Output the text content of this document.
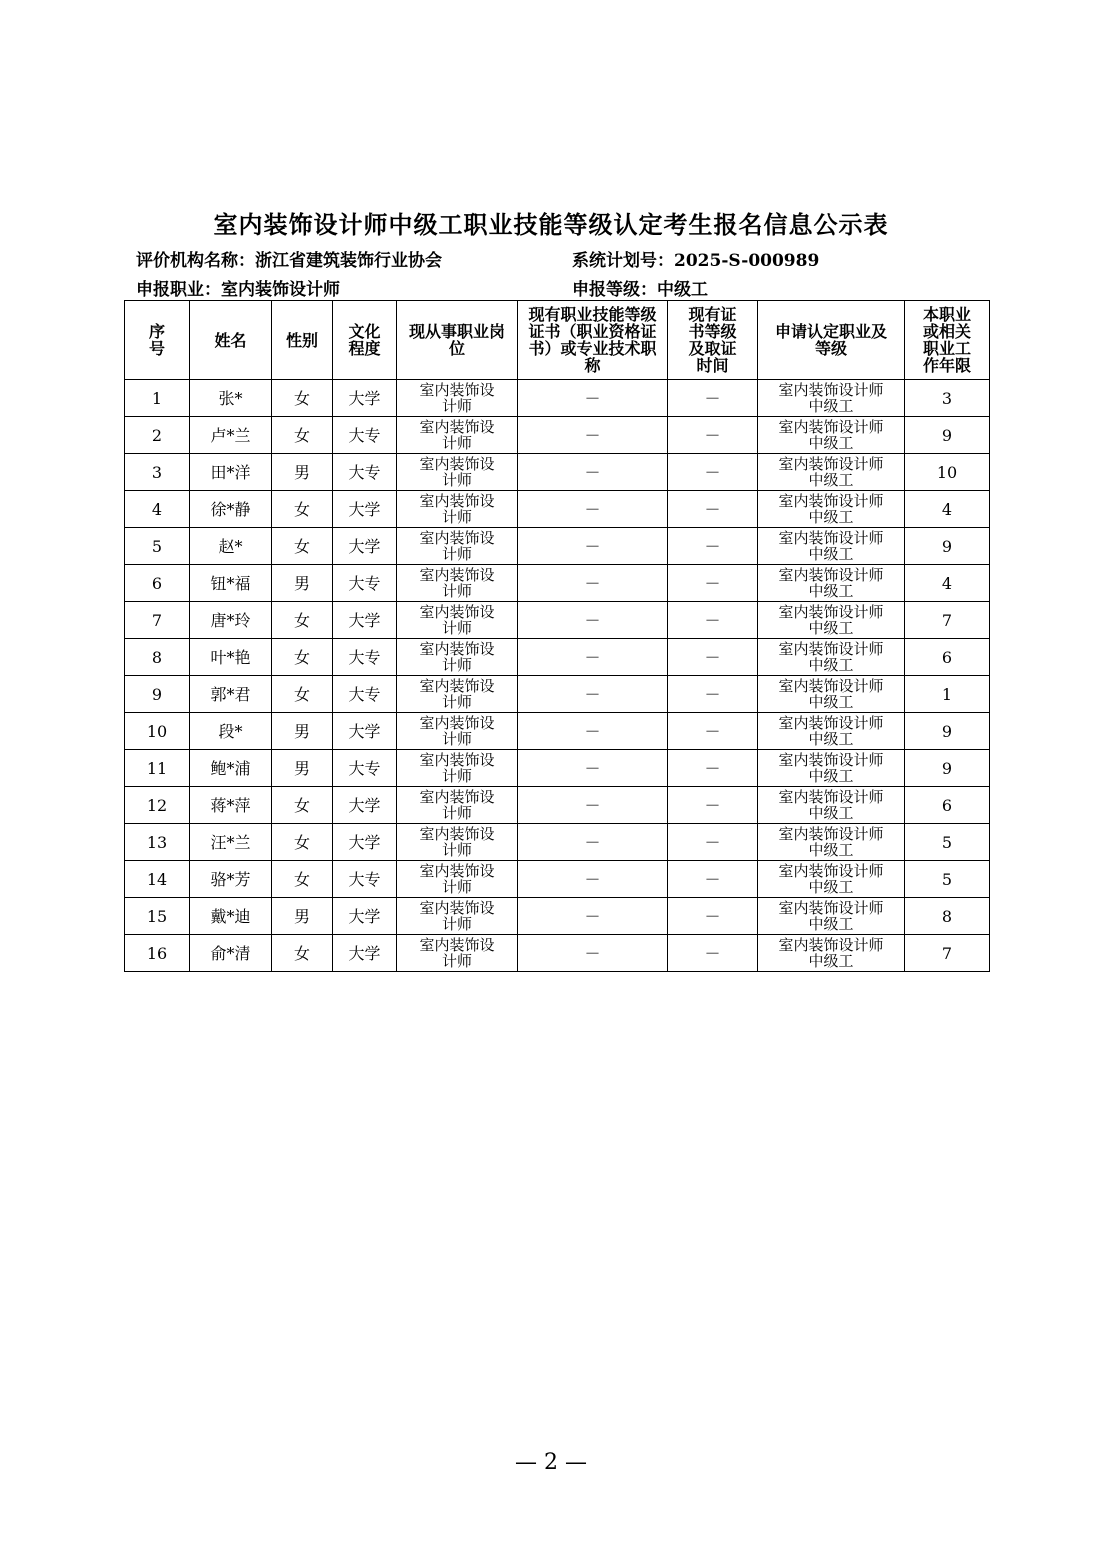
室内装饰设计师中级工职业技能等级认定考生报名信息公示表
评价机构名称：浙江省建筑装饰行业协会	系统计划号：2025-S-000989
申报职业：室内装饰设计师	申报等级：中级工
序号	姓名	性别	文化程度	现从事职业岗位	现有职业技能等级证书（职业资格证书）或专业技术职称	现有证书等级及取证时间	申请认定职业及等级	本职业或相关职业工作年限

1	张*	女	大学	室内装饰设计师	－	－	室内装饰设计师中级工	3
2	卢*兰	女	大专	室内装饰设计师	－	－	室内装饰设计师中级工	9
3	田*洋	男	大专	室内装饰设计师	－	－	室内装饰设计师中级工	10
4	徐*静	女	大学	室内装饰设计师	－	－	室内装饰设计师中级工	4
5	赵*	女	大学	室内装饰设计师	－	－	室内装饰设计师中级工	9
6	钮*福	男	大专	室内装饰设计师	－	－	室内装饰设计师中级工	4
7	唐*玲	女	大学	室内装饰设计师	－	－	室内装饰设计师中级工	7
8	叶*艳	女	大专	室内装饰设计师	－	－	室内装饰设计师中级工	6
9	郭*君	女	大专	室内装饰设计师	－	－	室内装饰设计师中级工	1
10	段*	男	大学	室内装饰设计师	－	－	室内装饰设计师中级工	9
11	鲍*浦	男	大专	室内装饰设计师	－	－	室内装饰设计师中级工	9
12	蒋*萍	女	大学	室内装饰设计师	－	－	室内装饰设计师中级工	6
13	汪*兰	女	大学	室内装饰设计师	－	－	室内装饰设计师中级工	5
14	骆*芳	女	大专	室内装饰设计师	－	－	室内装饰设计师中级工	5
15	戴*迪	男	大学	室内装饰设计师	－	－	室内装饰设计师中级工	8
16	俞*清	女	大学	室内装饰设计师	－	－	室内装饰设计师中级工	7
— 2 —
